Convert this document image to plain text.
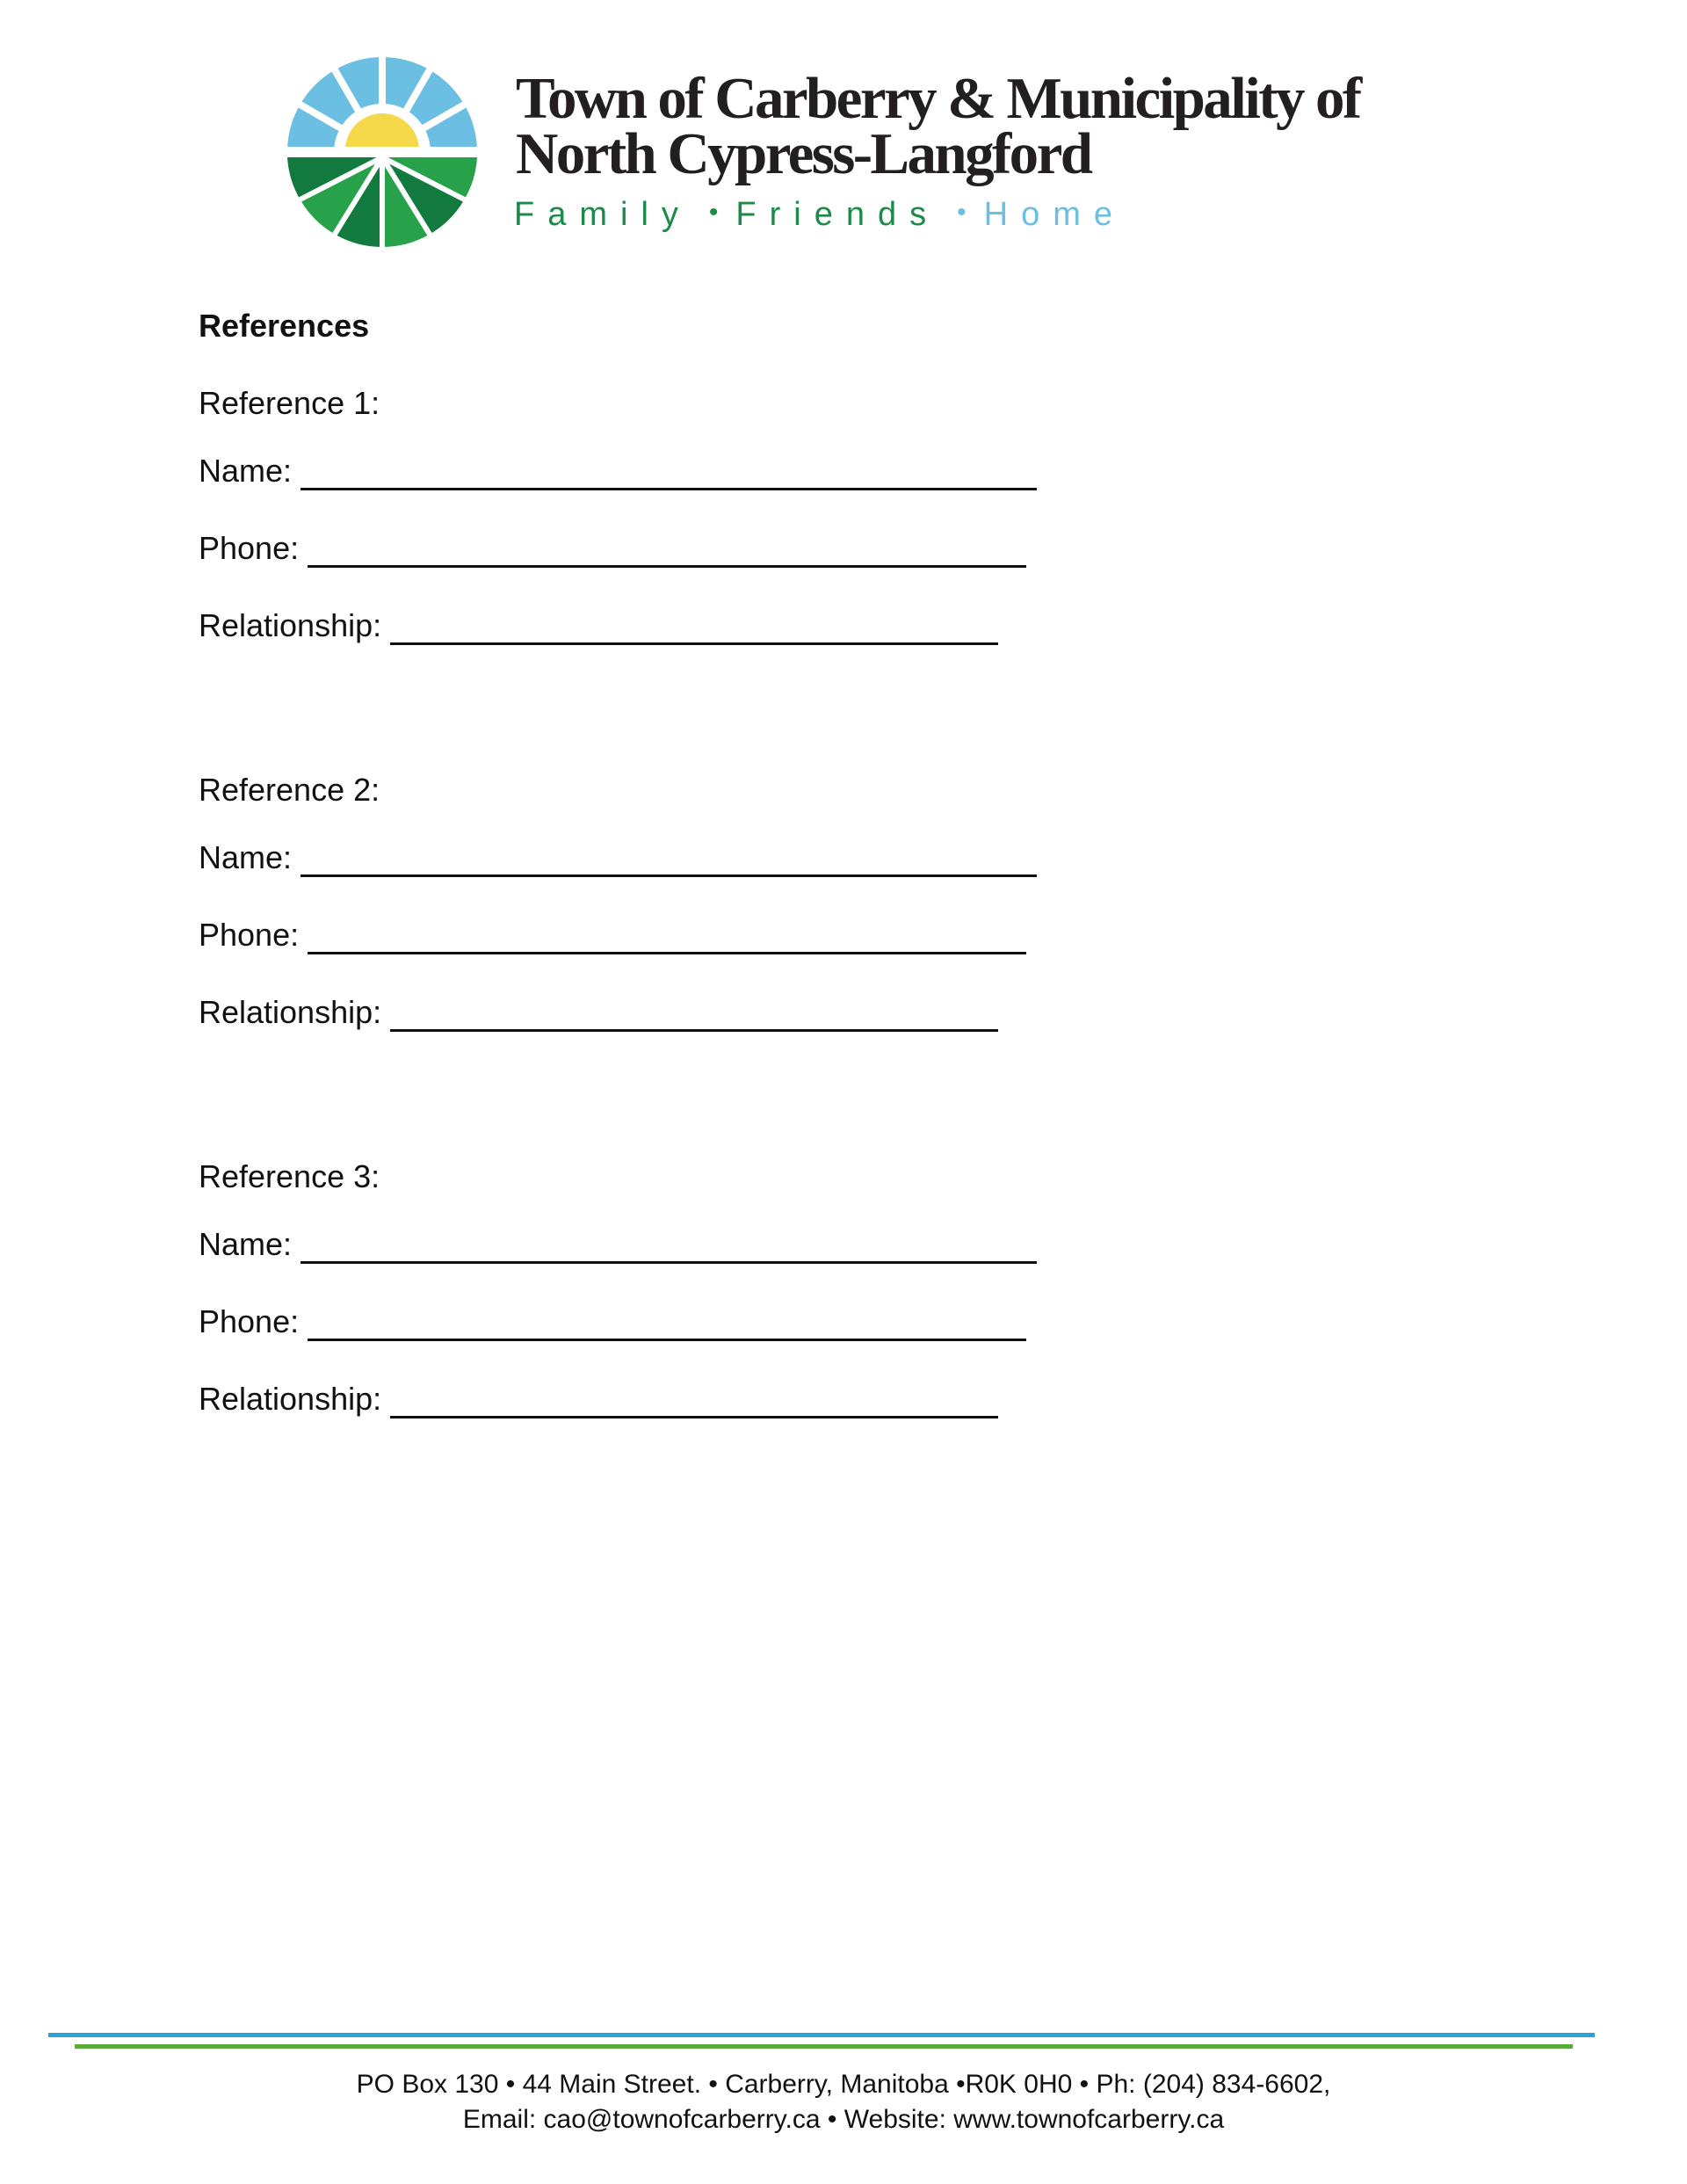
Town of Carberry & Municipality of
North Cypress-Langford
Family • Friends • Home
References
Reference 1:
Name:
Phone:
Relationship:
Reference 2:
Name:
Phone:
Relationship:
Reference 3:
Name:
Phone:
Relationship:
PO Box 130 • 44 Main Street. • Carberry, Manitoba •R0K 0H0 • Ph: (204) 834-6602,
Email: cao@townofcarberry.ca • Website: www.townofcarberry.ca
